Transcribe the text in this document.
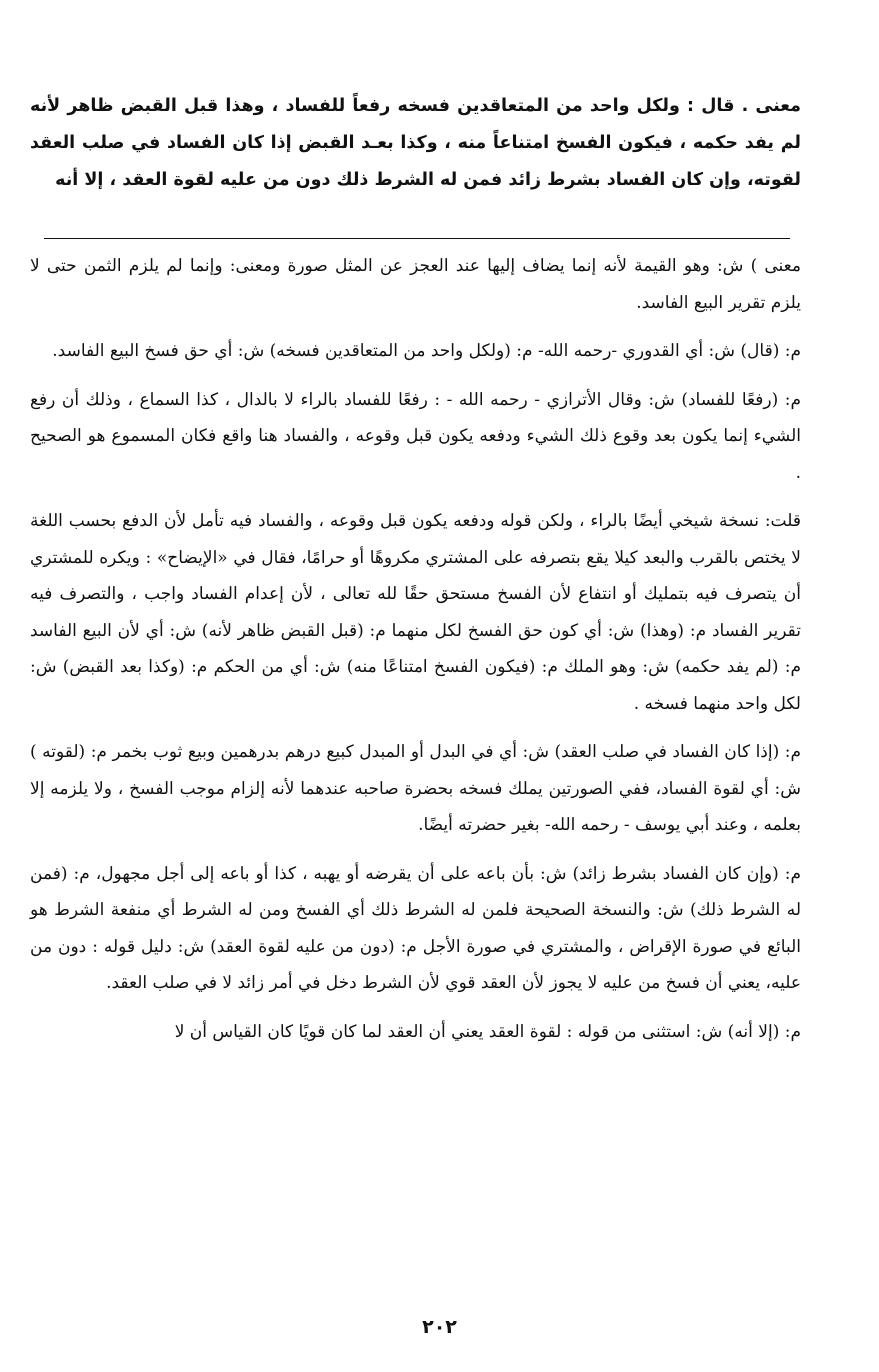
معنى . قال : ولكل واحد من المتعاقدين فسخه رفعاً للفساد ، وهذا قبل القبض ظاهر لأنه لم يفد حكمه ، فيكون الفسخ امتناعاً منه ، وكذا بعـد القبض إذا كان الفساد في صلب العقد لقوته، وإن كان الفساد بشرط زائد فمن له الشرط ذلك دون من عليه لقوة العقد ، إلا أنه

معنى ) ش: وهو القيمة لأنه إنما يضاف إليها عند العجز عن المثل صورة ومعنى: وإنما لم يلزم الثمن حتى لا يلزم تقرير البيع الفاسد.

م: (قال) ش: أي القدوري -رحمه الله- م: (ولكل واحد من المتعاقدين فسخه) ش: أي حق فسخ البيع الفاسد.

م: (رفعًا للفساد) ش: وقال الأترازي - رحمه الله - : رفعًا للفساد بالراء لا بالدال ، كذا السماع ، وذلك أن رفع الشيء إنما يكون بعد وقوع ذلك الشيء ودفعه يكون قبل وقوعه ، والفساد هنا واقع فكان المسموع هو الصحيح .

قلت: نسخة شيخي أيضًا بالراء ، ولكن قوله ودفعه يكون قبل وقوعه ، والفساد فيه تأمل لأن الدفع بحسب اللغة لا يختص بالقرب والبعد كيلا يقع بتصرفه على المشتري مكروهًا أو حرامًا، فقال في «الإيضاح» : ويكره للمشتري أن يتصرف فيه بتمليك أو انتفاع لأن الفسخ مستحق حقًا لله تعالى ، لأن إعدام الفساد واجب ، والتصرف فيه تقرير الفساد م: (وهذا) ش: أي كون حق الفسخ لكل منهما م: (قبل القبض ظاهر لأنه) ش: أي لأن البيع الفاسد م: (لم يفد حكمه) ش: وهو الملك م: (فيكون الفسخ امتناعًا منه) ش: أي من الحكم م: (وكذا بعد القبض) ش: لكل واحد منهما فسخه .

م: (إذا كان الفساد في صلب العقد) ش: أي في البدل أو المبدل كبيع درهم بدرهمين وبيع ثوب بخمر م: (لقوته ) ش: أي لقوة الفساد، ففي الصورتين يملك فسخه بحضرة صاحبه عندهما لأنه إلزام موجب الفسخ ، ولا يلزمه إلا بعلمه ، وعند أبي يوسف - رحمه الله- بغير حضرته أيضًا.

م: (وإن كان الفساد بشرط زائد) ش: بأن باعه على أن يقرضه أو يهبه ، كذا أو باعه إلى أجل مجهول، م: (فمن له الشرط ذلك) ش: والنسخة الصحيحة فلمن له الشرط ذلك أي الفسخ ومن له الشرط أي منفعة الشرط هو البائع في صورة الإقراض ، والمشتري في صورة الأجل م: (دون من عليه لقوة العقد) ش: دليل قوله : دون من عليه، يعني أن فسخ من عليه لا يجوز لأن العقد قوي لأن الشرط دخل في أمر زائد لا في صلب العقد.

م: (إلا أنه) ش: استثنى من قوله : لقوة العقد يعني أن العقد لما كان قويًا كان القياس أن لا

٢٠٢
